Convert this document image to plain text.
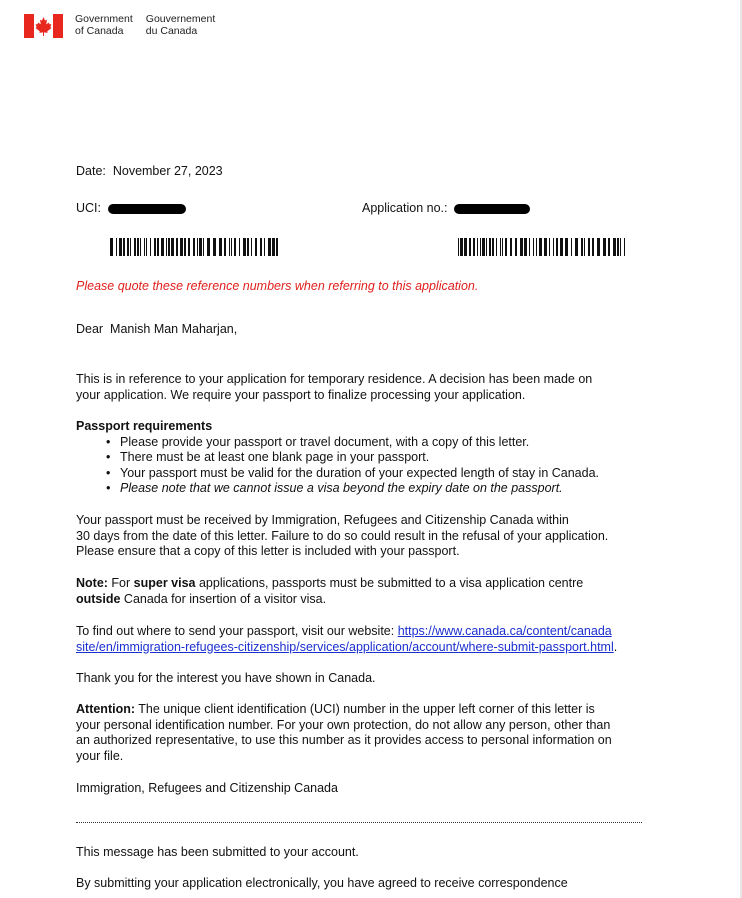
Government
of Canada
Gouvernement
du Canada
Date: November 27, 2023
UCI:	Application no.:
Please quote these reference numbers when referring to this application.
Dear Manish Man Maharjan,
This is in reference to your application for temporary residence. A decision has been made on
your application. We require your passport to finalize processing your application.
Passport requirements
• Please provide your passport or travel document, with a copy of this letter.
• There must be at least one blank page in your passport.
• Your passport must be valid for the duration of your expected length of stay in Canada.
• Please note that we cannot issue a visa beyond the expiry date on the passport.
Your passport must be received by Immigration, Refugees and Citizenship Canada within
30 days from the date of this letter. Failure to do so could result in the refusal of your application.
Please ensure that a copy of this letter is included with your passport.
Note: For super visa applications, passports must be submitted to a visa application centre
outside Canada for insertion of a visitor visa.
To find out where to send your passport, visit our website: https://www.canada.ca/content/canada
site/en/immigration-refugees-citizenship/services/application/account/where-submit-passport.html.
Thank you for the interest you have shown in Canada.
Attention: The unique client identification (UCI) number in the upper left corner of this letter is
your personal identification number. For your own protection, do not allow any person, other than
an authorized representative, to use this number as it provides access to personal information on
your file.
Immigration, Refugees and Citizenship Canada
This message has been submitted to your account.
By submitting your application electronically, you have agreed to receive correspondence
